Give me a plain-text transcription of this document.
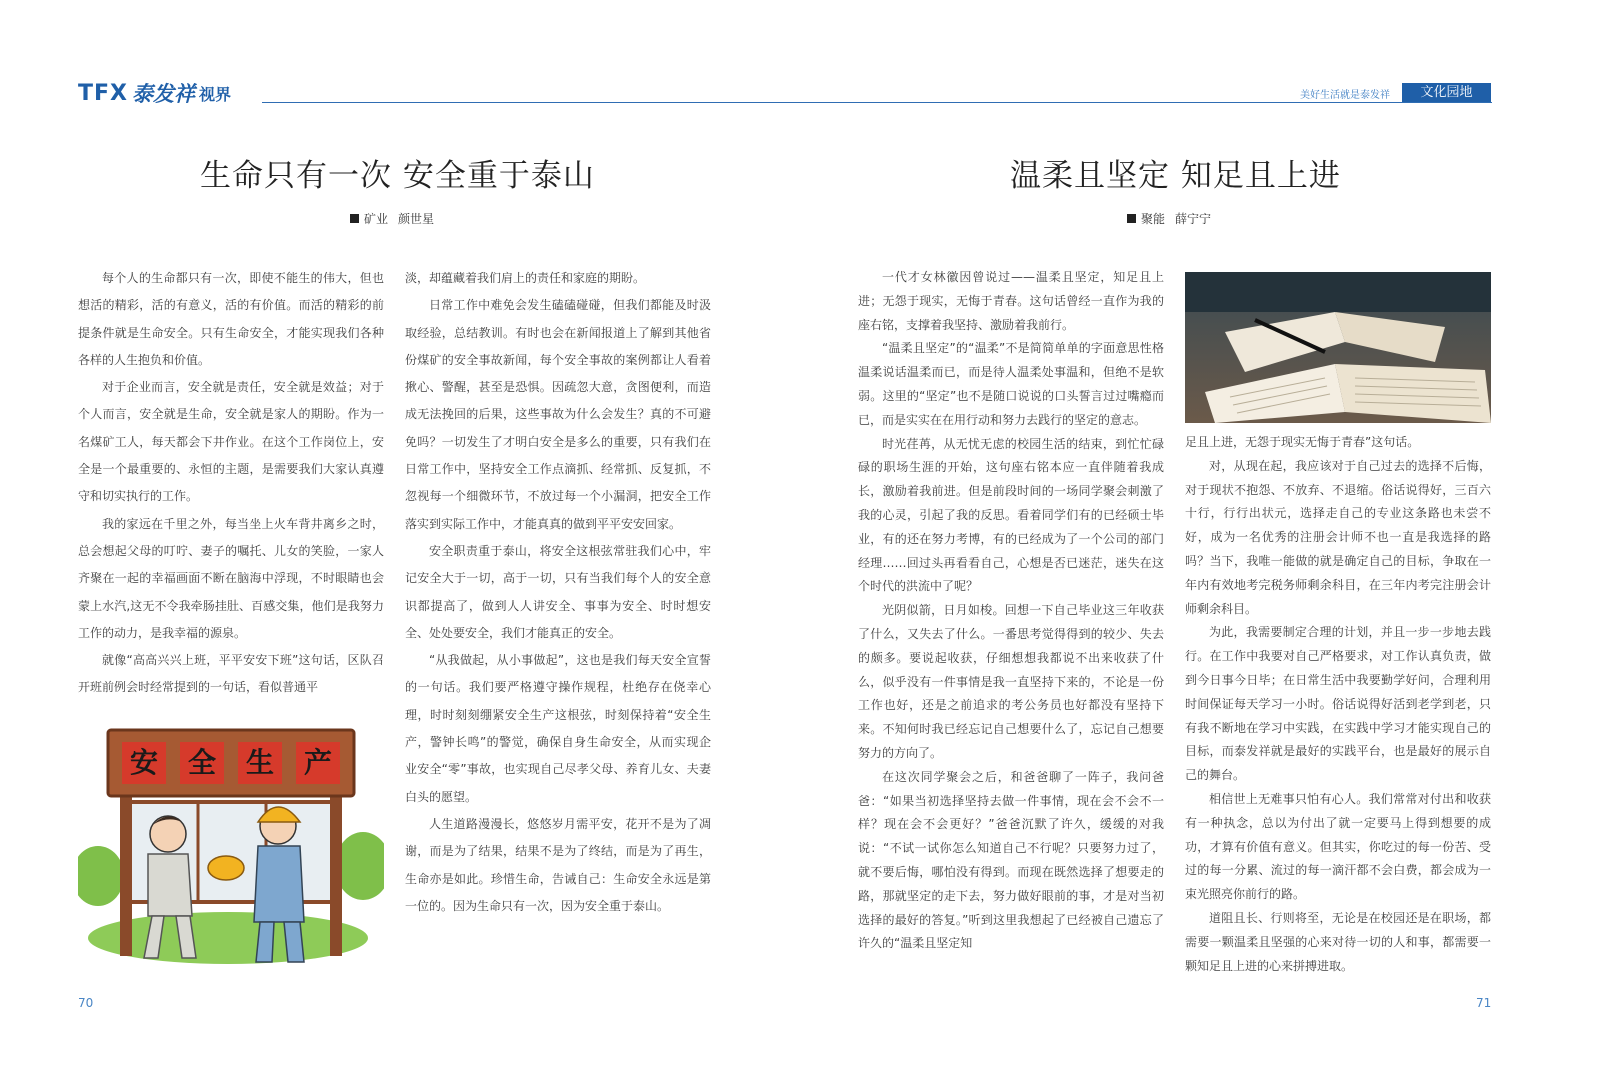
TFX 泰发祥 视界	美好生活就是泰发祥	文化园地
生命只有一次 安全重于泰山
矿业 颜世星

每个人的生命都只有一次，即使不能生的伟大，但也想活的精彩，活的有意义，活的有价值。而活的精彩的前提条件就是生命安全。只有生命安全，才能实现我们各种各样的人生抱负和价值。

对于企业而言，安全就是责任，安全就是效益；对于个人而言，安全就是生命，安全就是家人的期盼。作为一名煤矿工人，每天都会下井作业。在这个工作岗位上，安全是一个最重要的、永恒的主题，是需要我们大家认真遵守和切实执行的工作。

我的家远在千里之外，每当坐上火车背井离乡之时，总会想起父母的叮咛、妻子的嘱托、儿女的笑脸，一家人齐聚在一起的幸福画面不断在脑海中浮现，不时眼睛也会蒙上水汽,这无不令我牵肠挂肚、百感交集，他们是我努力工作的动力，是我幸福的源泉。

就像“高高兴兴上班，平平安安下班”这句话，区队召开班前例会时经常提到的一句话，看似普通平

安 全 生 产

淡，却蕴藏着我们肩上的责任和家庭的期盼。

日常工作中难免会发生磕磕碰碰，但我们都能及时汲取经验，总结教训。有时也会在新闻报道上了解到其他省份煤矿的安全事故新闻，每个安全事故的案例都让人看着揪心、警醒，甚至是恐惧。因疏忽大意，贪图便利，而造成无法挽回的后果，这些事故为什么会发生？真的不可避免吗？一切发生了才明白安全是多么的重要，只有我们在日常工作中，坚持安全工作点滴抓、经常抓、反复抓，不忽视每一个细微环节，不放过每一个小漏洞，把安全工作落实到实际工作中，才能真真的做到平平安安回家。

安全职责重于泰山，将安全这根弦常驻我们心中，牢记安全大于一切，高于一切，只有当我们每个人的安全意识都提高了，做到人人讲安全、事事为安全、时时想安全、处处要安全，我们才能真正的安全。

“从我做起，从小事做起”，这也是我们每天安全宣誓的一句话。我们要严格遵守操作规程，杜绝存在侥幸心理，时时刻刻绷紧安全生产这根弦，时刻保持着“安全生产，警钟长鸣”的警觉，确保自身生命安全，从而实现企业安全“零”事故，也实现自己尽孝父母、养育儿女、夫妻白头的愿望。

人生道路漫漫长，悠悠岁月需平安，花开不是为了凋谢，而是为了结果，结果不是为了终结，而是为了再生，生命亦是如此。珍惜生命，告诫自己：生命安全永远是第一位的。因为生命只有一次，因为安全重于泰山。

70
温柔且坚定 知足且上进
聚能 薛宁宁

一代才女林徽因曾说过——温柔且坚定，知足且上进；无怨于现实，无悔于青春。这句话曾经一直作为我的座右铭，支撑着我坚持、激励着我前行。

“温柔且坚定”的“温柔”不是简简单单的字面意思性格温柔说话温柔而已，而是待人温柔处事温和，但绝不是软弱。这里的“坚定”也不是随口说说的口头誓言过过嘴瘾而已，而是实实在在用行动和努力去践行的坚定的意志。

时光荏苒，从无忧无虑的校园生活的结束，到忙忙碌碌的职场生涯的开始，这句座右铭本应一直伴随着我成长，激励着我前进。但是前段时间的一场同学聚会刺激了我的心灵，引起了我的反思。看着同学们有的已经硕士毕业，有的还在努力考博，有的已经成为了一个公司的部门经理……回过头再看看自己，心想是否已迷茫，迷失在这个时代的洪流中了呢？

光阴似箭，日月如梭。回想一下自己毕业这三年收获了什么，又失去了什么。一番思考觉得得到的较少、失去的颇多。要说起收获，仔细想想我都说不出来收获了什么，似乎没有一件事情是我一直坚持下来的，不论是一份工作也好，还是之前追求的考公务员也好都没有坚持下来。不知何时我已经忘记自己想要什么了，忘记自己想要努力的方向了。

在这次同学聚会之后，和爸爸聊了一阵子，我问爸爸：“如果当初选择坚持去做一件事情，现在会不会不一样？现在会不会更好？”爸爸沉默了许久，缓缓的对我说：“不试一试你怎么知道自己不行呢？只要努力过了，就不要后悔，哪怕没有得到。而现在既然选择了想要走的路，那就坚定的走下去，努力做好眼前的事，才是对当初选择的最好的答复。”听到这里我想起了已经被自己遗忘了许久的“温柔且坚定知

足且上进，无怨于现实无悔于青春”这句话。

对，从现在起，我应该对于自己过去的选择不后悔，对于现状不抱怨、不放弃、不退缩。俗话说得好，三百六十行，行行出状元，选择走自己的专业这条路也未尝不好，成为一名优秀的注册会计师不也一直是我选择的路吗？当下，我唯一能做的就是确定自己的目标，争取在一年内有效地考完税务师剩余科目，在三年内考完注册会计师剩余科目。

为此，我需要制定合理的计划，并且一步一步地去践行。在工作中我要对自己严格要求，对工作认真负责，做到今日事今日毕；在日常生活中我要勤学好问，合理利用时间保证每天学习一小时。俗话说得好活到老学到老，只有我不断地在学习中实践，在实践中学习才能实现自己的目标，而泰发祥就是最好的实践平台，也是最好的展示自己的舞台。

相信世上无难事只怕有心人。我们常常对付出和收获有一种执念，总以为付出了就一定要马上得到想要的成功，才算有价值有意义。但其实，你吃过的每一份苦、受过的每一分累、流过的每一滴汗都不会白费，都会成为一束光照亮你前行的路。

道阻且长、行则将至，无论是在校园还是在职场，都需要一颗温柔且坚强的心来对待一切的人和事，都需要一颗知足且上进的心来拼搏进取。

71
